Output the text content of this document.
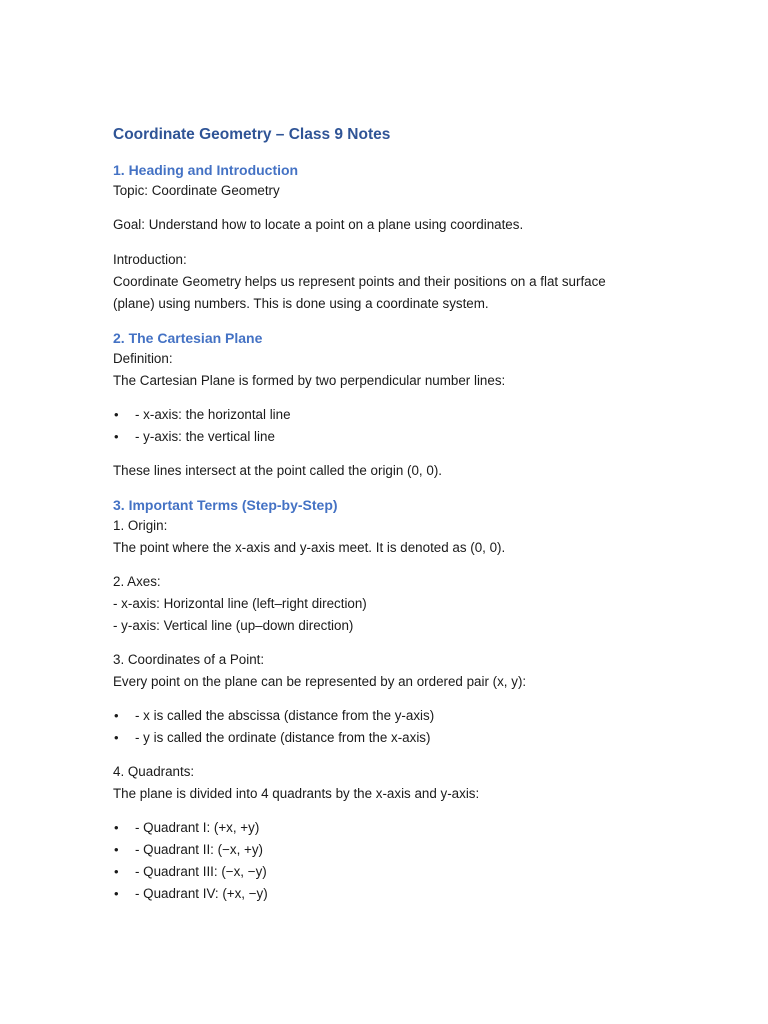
Coordinate Geometry – Class 9 Notes
1. Heading and Introduction

Topic: Coordinate Geometry

Goal: Understand how to locate a point on a plane using coordinates.

Introduction:

Coordinate Geometry helps us represent points and their positions on a flat surface

(plane) using numbers. This is done using a coordinate system.

2. The Cartesian Plane

Definition:

The Cartesian Plane is formed by two perpendicular number lines:

• - x-axis: the horizontal line
• - y-axis: the vertical line

These lines intersect at the point called the origin (0, 0).

3. Important Terms (Step-by-Step)

1. Origin:

The point where the x-axis and y-axis meet. It is denoted as (0, 0).

2. Axes:

- x-axis: Horizontal line (left–right direction)

- y-axis: Vertical line (up–down direction)

3. Coordinates of a Point:

Every point on the plane can be represented by an ordered pair (x, y):

• - x is called the abscissa (distance from the y-axis)
• - y is called the ordinate (distance from the x-axis)

4. Quadrants:

The plane is divided into 4 quadrants by the x-axis and y-axis:

• - Quadrant I: (+x, +y)
• - Quadrant II: (−x, +y)
• - Quadrant III: (−x, −y)
• - Quadrant IV: (+x, −y)
